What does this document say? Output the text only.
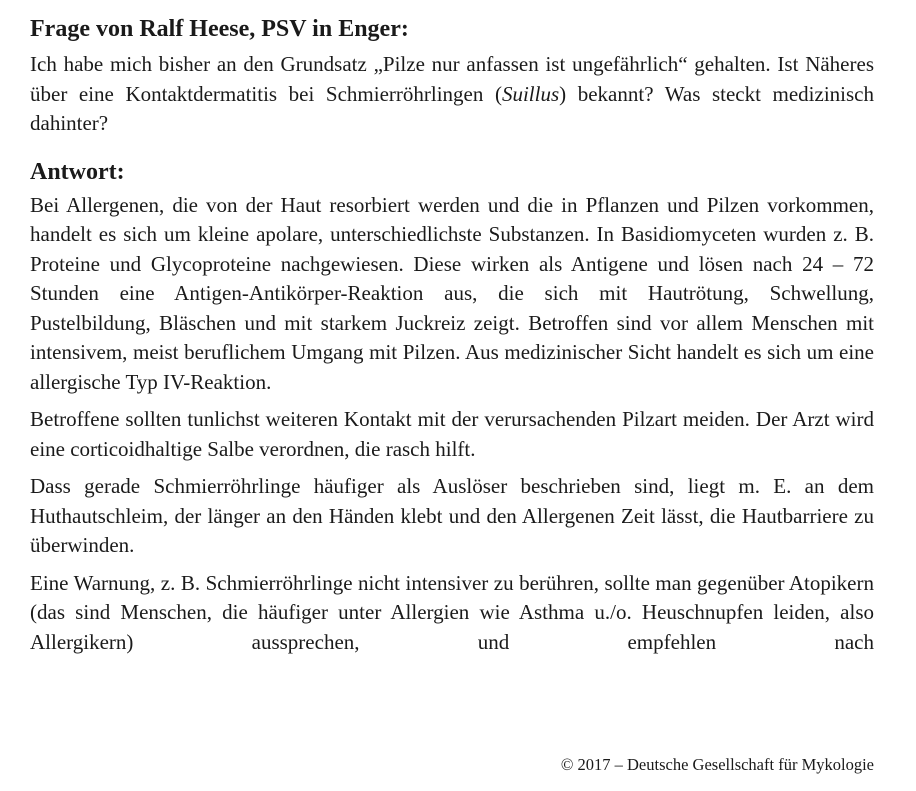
Frage von Ralf Heese, PSV in Enger:

Ich habe mich bisher an den Grundsatz „Pilze nur anfassen ist ungefährlich“ gehalten. Ist Näheres über eine Kontaktdermatitis bei Schmierröhrlingen (Suillus) bekannt? Was steckt medizinisch dahinter?

Antwort:

Bei Allergenen, die von der Haut resorbiert werden und die in Pflanzen und Pilzen vorkommen, handelt es sich um kleine apolare, unterschiedlichste Substanzen. In Basidiomyceten wurden z. B. Proteine und Glycoproteine nachgewiesen. Diese wirken als Antigene und lösen nach 24 – 72 Stunden eine Antigen-Antikörper-Reaktion aus, die sich mit Hautrötung, Schwellung, Pustelbildung, Bläschen und mit starkem Juckreiz zeigt. Betroffen sind vor allem Menschen mit intensivem, meist beruflichem Umgang mit Pilzen. Aus medizinischer Sicht handelt es sich um eine allergische Typ IV-Reaktion.

Betroffene sollten tunlichst weiteren Kontakt mit der verursachenden Pilzart meiden. Der Arzt wird eine corticoidhaltige Salbe verordnen, die rasch hilft.

Dass gerade Schmierröhrlinge häufiger als Auslöser beschrieben sind, liegt m. E. an dem Huthautschleim, der länger an den Händen klebt und den Allergenen Zeit lässt, die Hautbarriere zu überwinden.

Eine Warnung, z. B. Schmierröhrlinge nicht intensiver zu berühren, sollte man gegenüber Atopikern (das sind Menschen, die häufiger unter Allergien wie Asthma u./o. Heuschnupfen leiden, also Allergikern) aussprechen, und empfehlen nach

© 2017 – Deutsche Gesellschaft für Mykologie
